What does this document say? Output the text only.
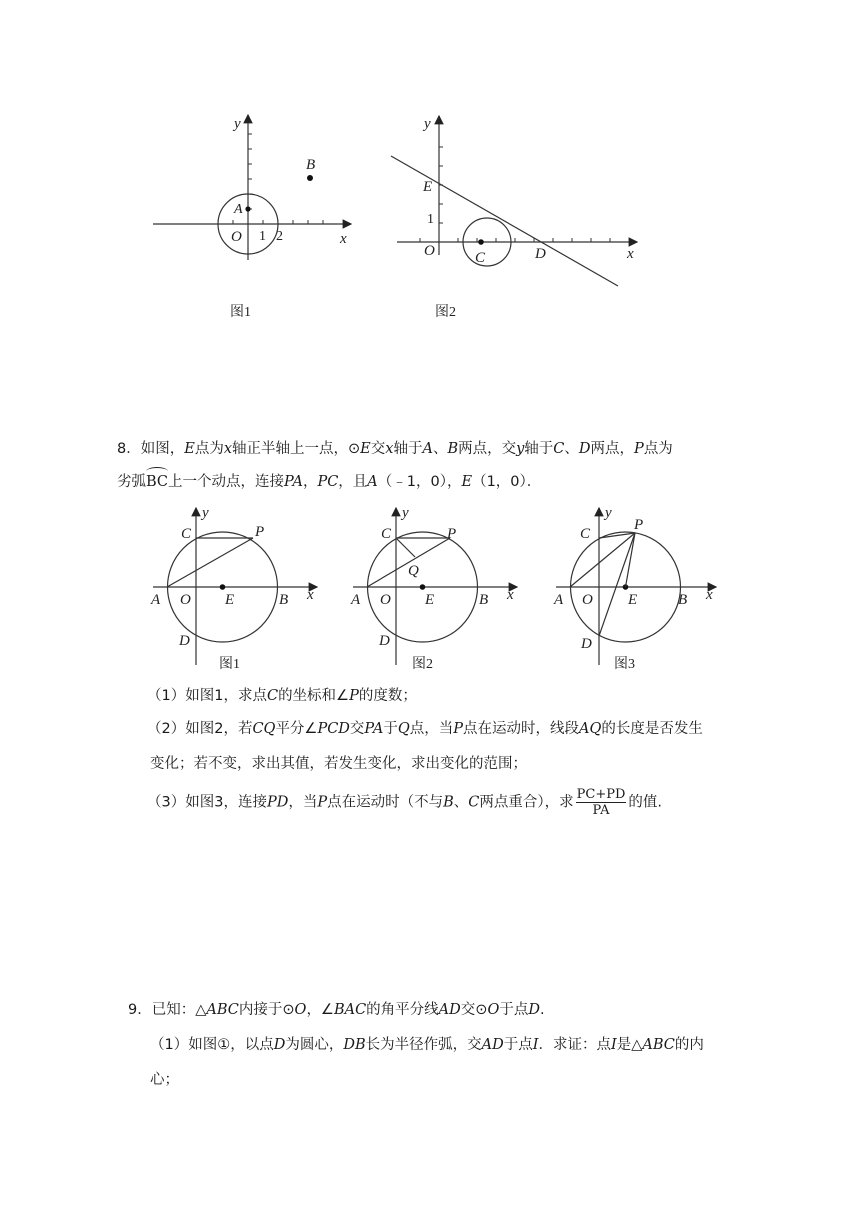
y
x
O
A
B
1 2
图1
y
x
O
E
1
C	D
图2
8．如图，E点为x轴正半轴上一点，⊙E交x轴于A、B两点，交y轴于C、D两点，P点为
劣弧BC上一个动点，连接PA，PC，且A（﹣1，0），E（1，0）．
y
C	P
A O E	B x
D
图1
y
C	P
Q
A O E	B x
D
图2
y
C
P
A O E	B x
D
图3
（1）如图1，求点C的坐标和∠P的度数；
（2）如图2，若CQ平分∠PCD交PA于Q点，当P点在运动时，线段AQ的长度是否发生
变化；若不变，求出其值，若发生变化，求出变化的范围；
（3）如图3，连接PD，当P点在运动时（不与B、C两点重合），求 $\frac{PC+PD}{PA}$ 的值.
9．已知：△ABC内接于⊙O，∠BAC的角平分线AD交⊙O于点D.
（1）如图①，以点D为圆心，DB长为半径作弧，交AD于点I．求证：点I是△ABC的内
心；
